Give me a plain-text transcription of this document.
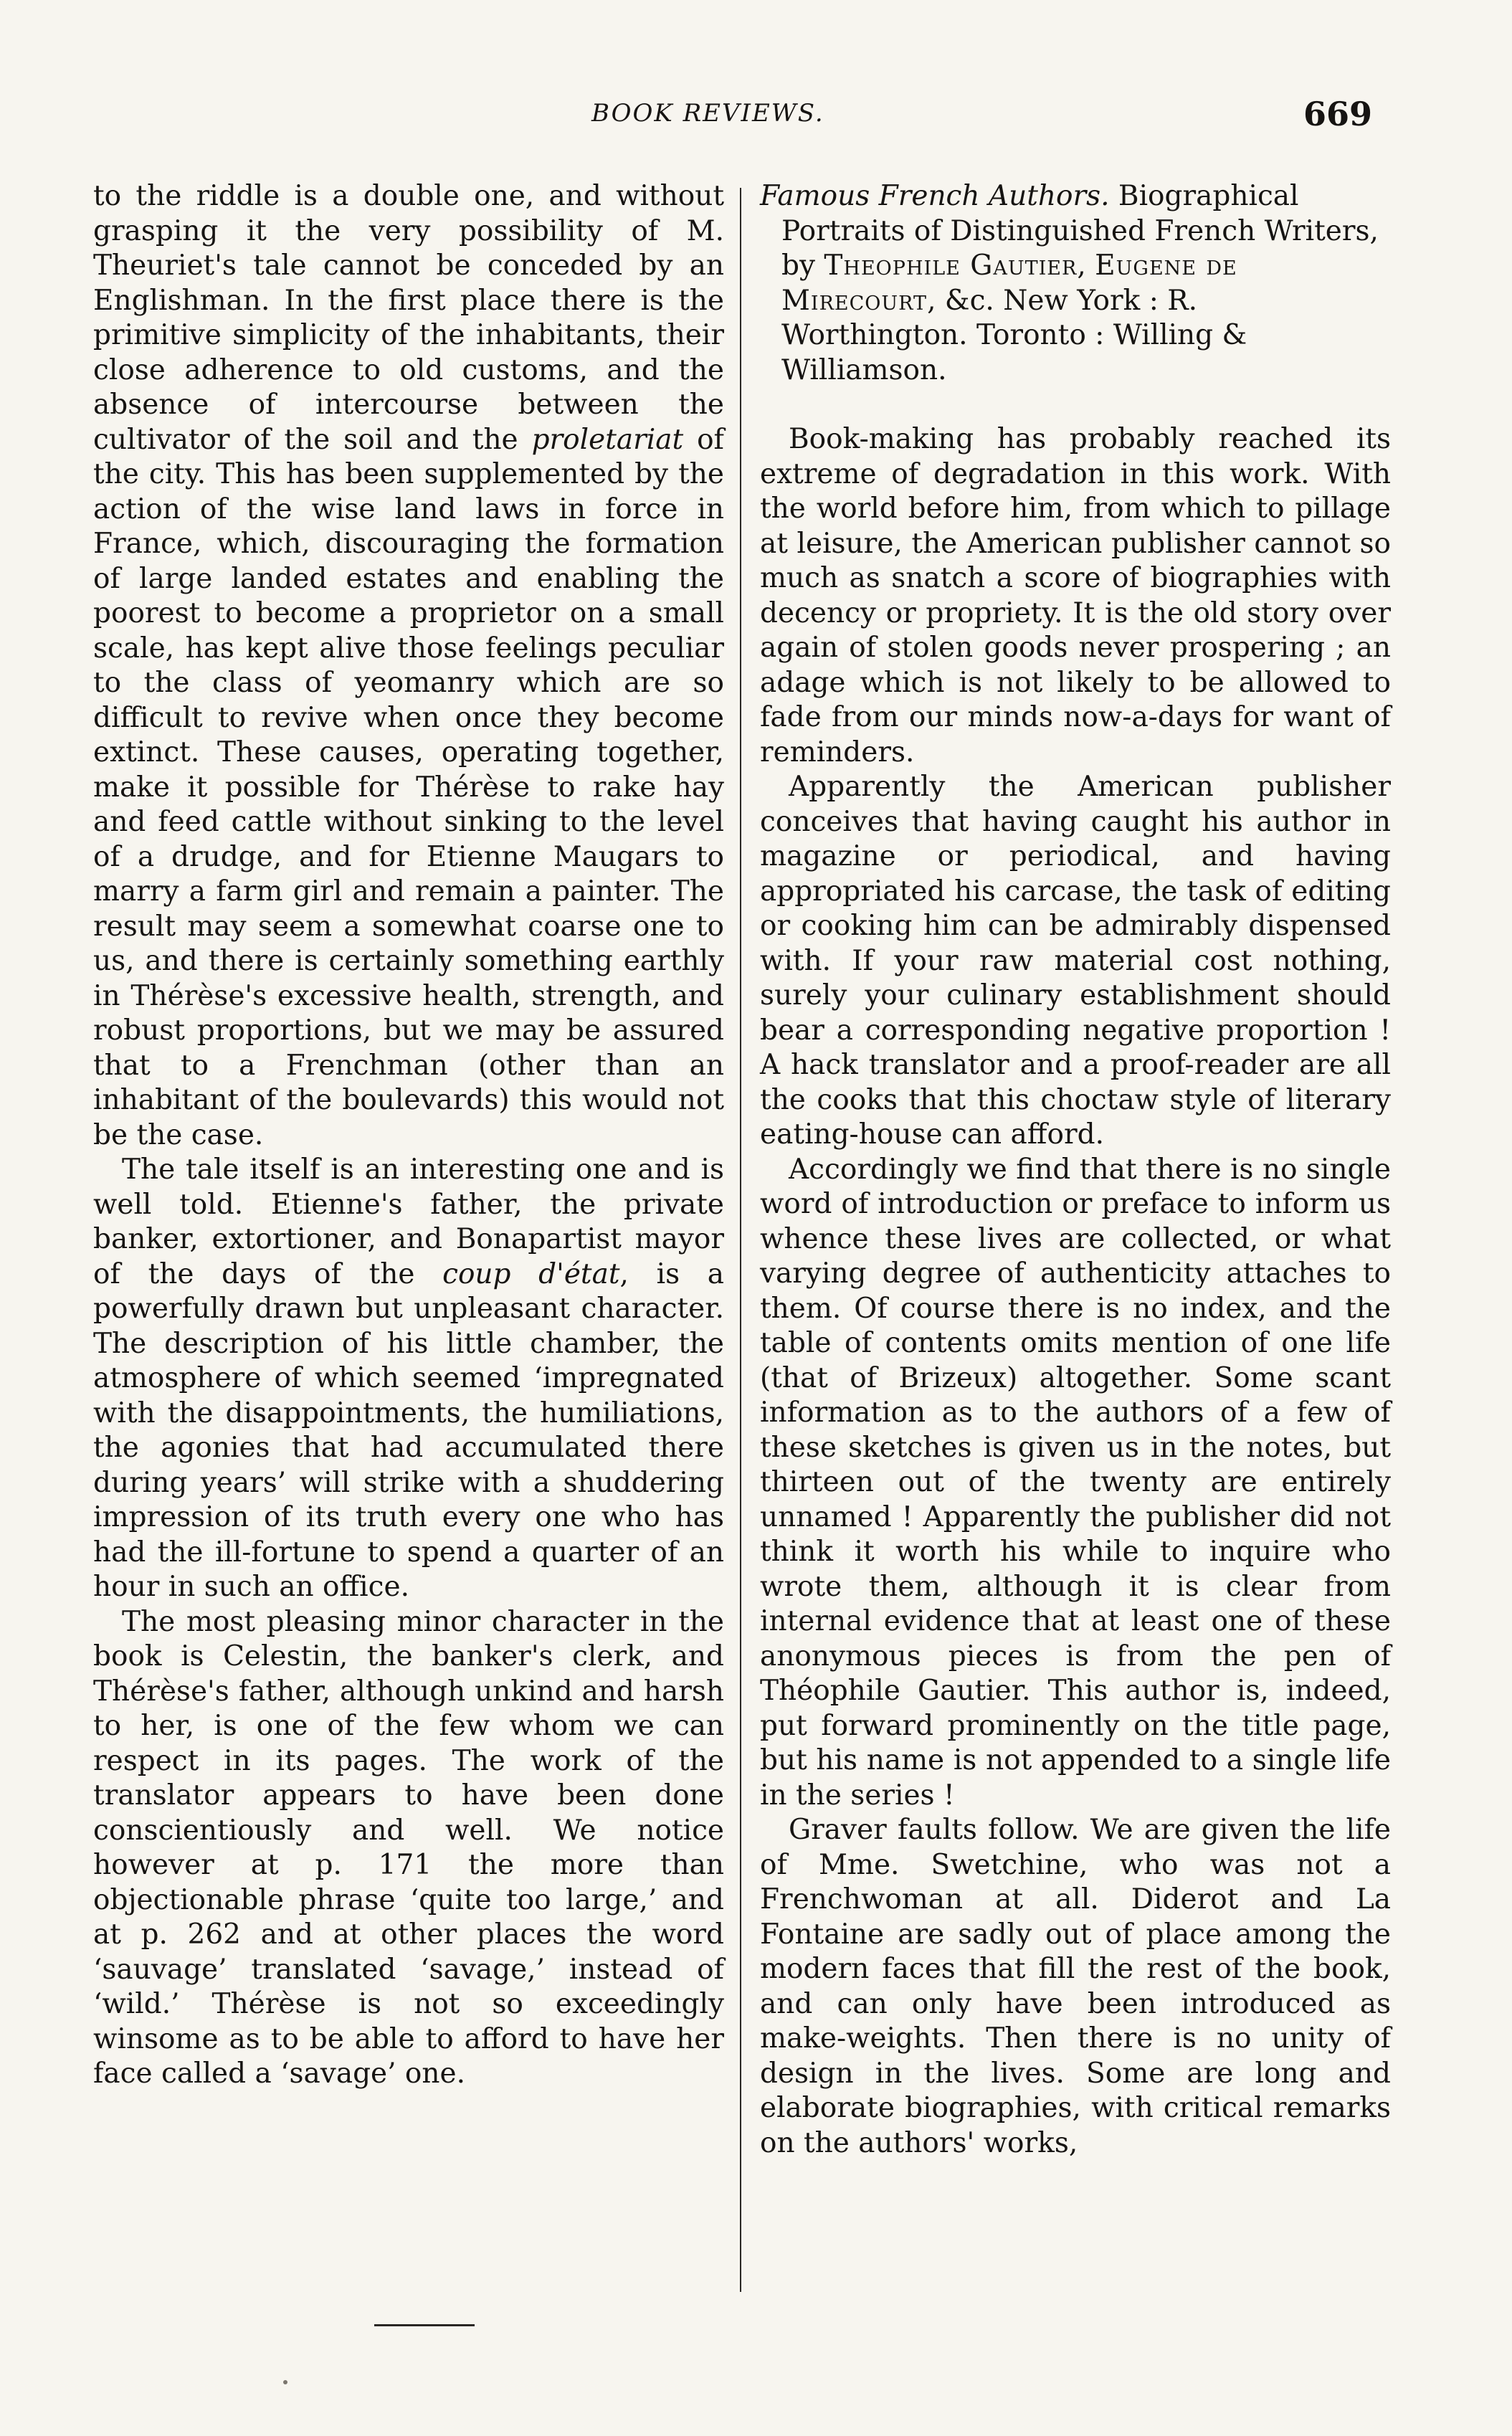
BOOK REVIEWS.	669

to the riddle is a double one, and without grasping it the very possibility of M. Theuriet's tale cannot be conceded by an Englishman. In the first place there is the primitive simplicity of the inhabitants, their close adherence to old customs, and the absence of intercourse between the cultivator of the soil and the proletariat of the city. This has been supplemented by the action of the wise land laws in force in France, which, discouraging the formation of large landed estates and enabling the poorest to become a proprietor on a small scale, has kept alive those feelings peculiar to the class of yeomanry which are so difficult to revive when once they become extinct. These causes, operating together, make it possible for Thérèse to rake hay and feed cattle without sinking to the level of a drudge, and for Etienne Maugars to marry a farm girl and remain a painter. The result may seem a somewhat coarse one to us, and there is certainly something earthly in Thérèse's excessive health, strength, and robust proportions, but we may be assured that to a Frenchman (other than an inhabitant of the boulevards) this would not be the case.

The tale itself is an interesting one and is well told. Etienne's father, the private banker, extortioner, and Bonapartist mayor of the days of the coup d'état, is a powerfully drawn but unpleasant character. The description of his little chamber, the atmosphere of which seemed ‘impregnated with the disappointments, the humiliations, the agonies that had accumulated there during years’ will strike with a shuddering impression of its truth every one who has had the ill-fortune to spend a quarter of an hour in such an office.

The most pleasing minor character in the book is Celestin, the banker's clerk, and Thérèse's father, although unkind and harsh to her, is one of the few whom we can respect in its pages. The work of the translator appears to have been done conscientiously and well. We notice however at p. 171 the more than objectionable phrase ‘quite too large,’ and at p. 262 and at other places the word ‘sauvage’ translated ‘savage,’ instead of ‘wild.’ Thérèse is not so exceedingly winsome as to be able to afford to have her face called a ‘savage’ one.

Famous French Authors. Biographical Portraits of Distinguished French Writers, by Theophile Gautier, Eugene de Mirecourt, &c. New York : R. Worthington. Toronto : Willing & Williamson.

Book-making has probably reached its extreme of degradation in this work. With the world before him, from which to pillage at leisure, the American publisher cannot so much as snatch a score of biographies with decency or propriety. It is the old story over again of stolen goods never prospering ; an adage which is not likely to be allowed to fade from our minds now-a-days for want of reminders.

Apparently the American publisher conceives that having caught his author in magazine or periodical, and having appropriated his carcase, the task of editing or cooking him can be admirably dispensed with. If your raw material cost nothing, surely your culinary establishment should bear a corresponding negative proportion ! A hack translator and a proof-reader are all the cooks that this choctaw style of literary eating-house can afford.

Accordingly we find that there is no single word of introduction or preface to inform us whence these lives are collected, or what varying degree of authenticity attaches to them. Of course there is no index, and the table of contents omits mention of one life (that of Brizeux) altogether. Some scant information as to the authors of a few of these sketches is given us in the notes, but thirteen out of the twenty are entirely unnamed ! Apparently the publisher did not think it worth his while to inquire who wrote them, although it is clear from internal evidence that at least one of these anonymous pieces is from the pen of Théophile Gautier. This author is, indeed, put forward prominently on the title page, but his name is not appended to a single life in the series !

Graver faults follow. We are given the life of Mme. Swetchine, who was not a Frenchwoman at all. Diderot and La Fontaine are sadly out of place among the modern faces that fill the rest of the book, and can only have been introduced as make-weights. Then there is no unity of design in the lives. Some are long and elaborate biographies, with critical remarks on the authors' works,
